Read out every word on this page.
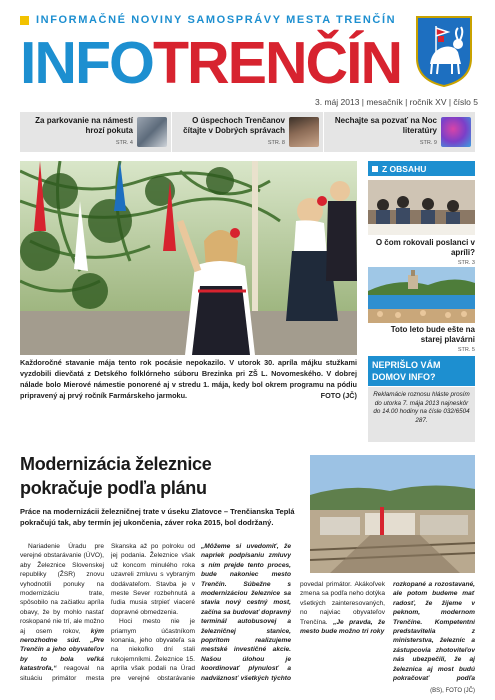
INFORMAČNÉ NOVINY SAMOSPRÁVY MESTA TRENČÍN
INFO TRENČÍN
3. máj 2013 | mesačník | ročník XV | číslo 5
Za parkovanie na námestí hrozí pokuta
STR. 4
O úspechoch Trenčanov čítajte v Dobrých správach
STR. 8
Nechajte sa pozvať na Noc literatúry
STR. 9
Každoročné stavanie mája tento rok pocásie nepokazilo. V utorok 30. apríla májku stužkami vyzdobili dievčatá z Detského folklórneho súboru Brezinka pri ZŠ L. Novomeského. V dobrej nálade bolo Mierové námestie ponorené aj v stredu 1. mája, kedy bol okrem programu na pódiu pripravený aj prvý ročník Farmárskeho jarmoku.	FOTO (JČ)
Z OBSAHU
O čom rokovali poslanci v apríli?
STR. 3
Toto leto bude ešte na starej plavárni
STR. 5
NEPRIŠLO VÁM DOMOV INFO?
Reklamácie roznosu hláste prosím do utorka 7. mája 2013 najneskôr do 14.00 hodiny na čísle 032/6504 287.
Modernizácia železnice pokračuje podľa plánu
Práce na modernizácii železničnej trate v úseku Zlatovce – Trenčianska Teplá pokračujú tak, aby termín jej ukončenia, záver roka 2015, bol dodržaný.

Nariadenie Úradu pre verejné obstarávanie (ÚVO), aby Železnice Slovenskej republiky (ŽSR) znovu vyhodnotili ponuky na modernizáciu trate, spôsobilo na začiatku apríla obavy, že by mohlo nastať roskopané nie trí, ale možno aj osem rokov, kým nerozhodne súd. „Pre Trenčín a jeho obyvateľov by to bola veľká katastrofa,“ reagoval na situáciu primátor mesta

Skanska až po polroku od jej podania. Železnice však už koncom minulého roka uzavreli zmluvu s vybraným dodávateľom. Stavba je v meste Sever rozbehnutá a ľudia musia strpieť viaceré dopravné obmedzenia.

Hoci mesto nie je priamym účastníkom konania, jeho obyvateľa sa na niekoľko dní stali rukojemníkmi. Železnice 15. apríla však podali na Úrad pre verejné obstarávanie

„Môžeme si uvedomiť, že napriek podpísaniu zmluvy s ním prejde tento proces, bude nakoniec mesto Trenčín. Súbežne s modernizáciou železnice sa stavia nový cestný most, začína sa budovať dopravný terminál autobusovej a železničnej stanice, popritom realizujeme mestské investičné akcie. Našou úlohou je koordinovať plynulosť a nadväznosť všetkých týchto

povedal primátor. Akákoľvek zmena sa podľa neho dotýka všetkých zainteresovaných, no najviac obyvateľov Trenčína. „Je pravda, že mesto bude možno tri roky

rozkopané a rozostavané, ale potom budeme mať radosť, že žijeme v peknom, modernom Trenčíne. Kompetentní predstavitelia z ministerstva, železníc a zástupcovia zhotoviteľov nás ubezpečili, že aj železnica aj most budú pokračovať podľa

(BS), FOTO (JČ)
